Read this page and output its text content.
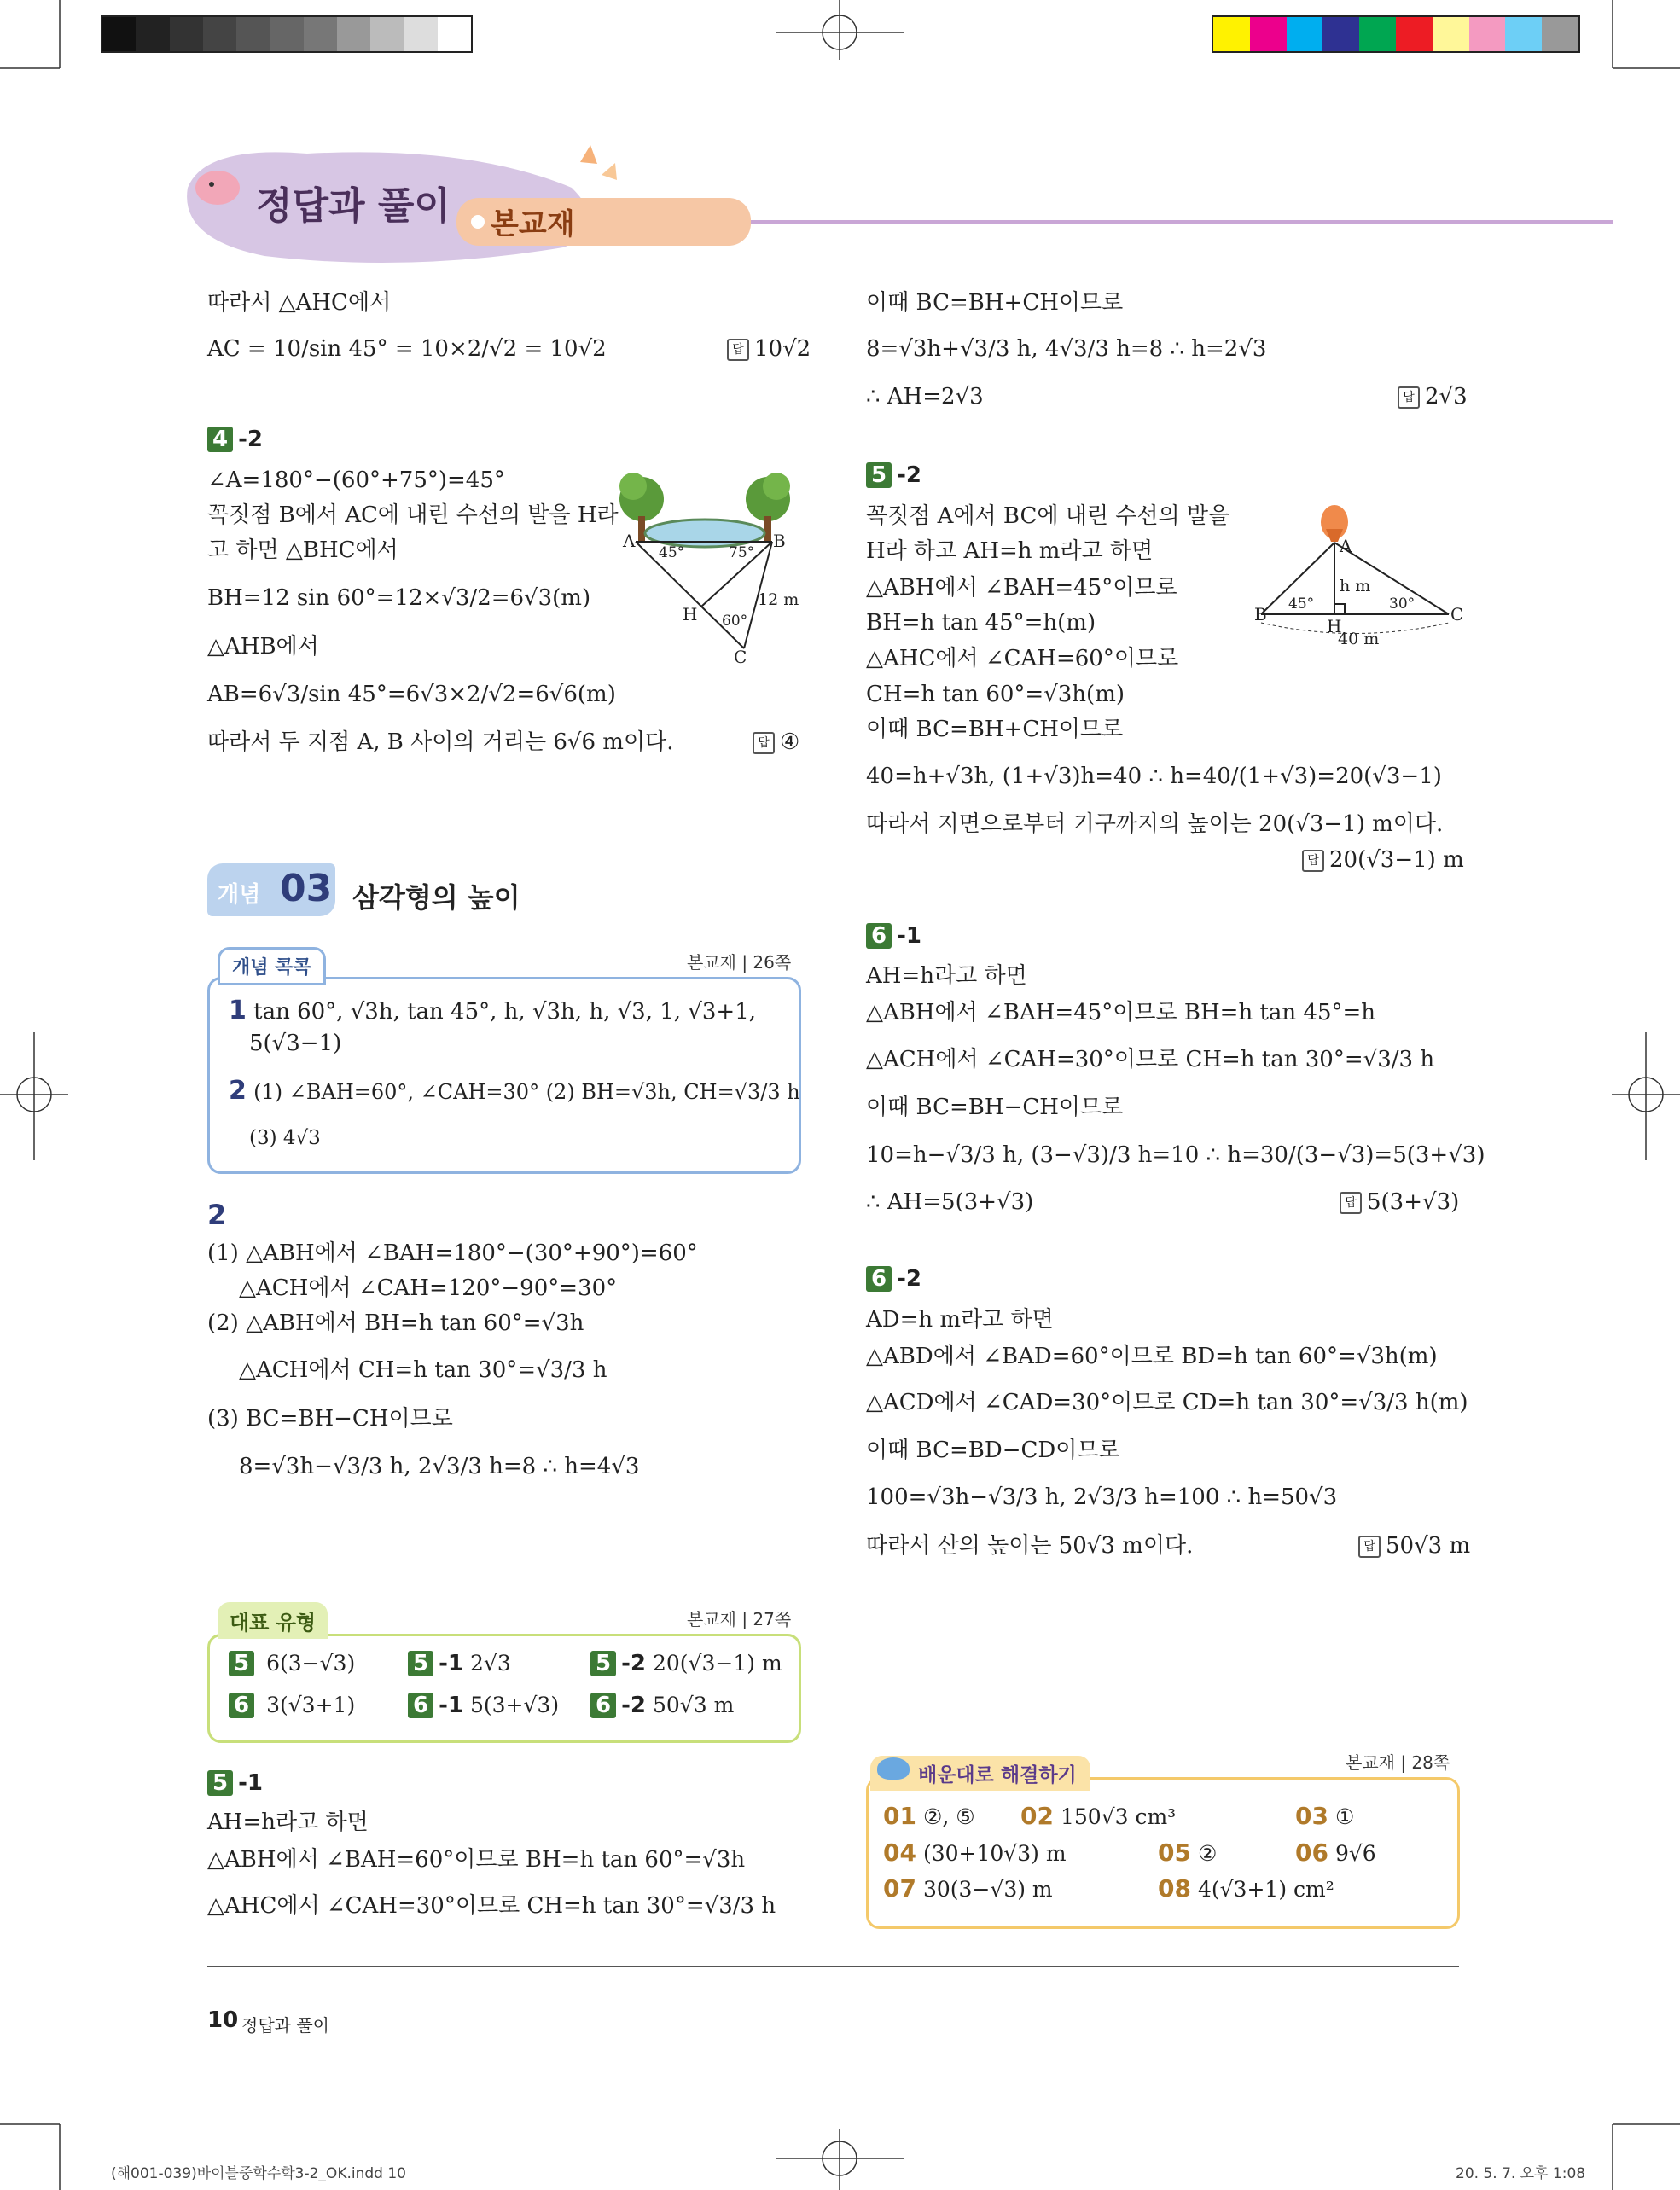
정답과 풀이 본교재
따라서 △AHC에서
AC = 10/sin 45° = 10×2/√2 = 10√2	답 10√2
4 -2
∠A=180°−(60°+75°)=45°
꼭짓점 B에서 AC에 내린 수선의 발을 H라
고 하면 △BHC에서
BH=12 sin 60°=12×√3/2=6√3(m)
△AHB에서
AB=6√3/sin 45°=6√3×2/√2=6√6(m)
따라서 두 지점 A, B 사이의 거리는 6√6 m이다.	답 ④
A	B
H
C
45°	75°
60°
12 m
개념 03 삼각형의 높이
개념 콕콕	본교재 | 26쪽
1 tan 60°, √3h, tan 45°, h, √3h, h, √3, 1, √3+1,
5(√3−1)
2 (1) ∠BAH=60°, ∠CAH=30° (2) BH=√3h, CH=√3/3 h
(3) 4√3
2
(1) △ABH에서 ∠BAH=180°−(30°+90°)=60°
△ACH에서 ∠CAH=120°−90°=30°
(2) △ABH에서 BH=h tan 60°=√3h
△ACH에서 CH=h tan 30°=√3/3 h
(3) BC=BH−CH이므로
8=√3h−√3/3 h, 2√3/3 h=8 ∴ h=4√3
대표 유형	본교재 | 27쪽
5 6(3−√3)	5 -1 2√3	5 -2 20(√3−1) m
6 3(√3+1)	6 -1 5(3+√3) 6 -2 50√3 m
5 -1
AH=h라고 하면
△ABH에서 ∠BAH=60°이므로 BH=h tan 60°=√3h
△AHC에서 ∠CAH=30°이므로 CH=h tan 30°=√3/3 h
이때 BC=BH+CH이므로
8=√3h+√3/3 h, 4√3/3 h=8 ∴ h=2√3
∴ AH=2√3	답 2√3
5 -2
꼭짓점 A에서 BC에 내린 수선의 발을
H라 하고 AH=h m라고 하면
△ABH에서 ∠BAH=45°이므로
BH=h tan 45°=h(m)
△AHC에서 ∠CAH=60°이므로
CH=h tan 60°=√3h(m)
이때 BC=BH+CH이므로
40=h+√3h, (1+√3)h=40 ∴ h=40/(1+√3)=20(√3−1)
따라서 지면으로부터 기구까지의 높이는 20(√3−1) m이다.
답 20(√3−1) m
A
B
H
C
45°	30°
h m
40 m
6 -1
AH=h라고 하면
△ABH에서 ∠BAH=45°이므로 BH=h tan 45°=h
△ACH에서 ∠CAH=30°이므로 CH=h tan 30°=√3/3 h
이때 BC=BH−CH이므로
10=h−√3/3 h, (3−√3)/3 h=10 ∴ h=30/(3−√3)=5(3+√3)
∴ AH=5(3+√3)	답 5(3+√3)
6 -2
AD=h m라고 하면
△ABD에서 ∠BAD=60°이므로 BD=h tan 60°=√3h(m)
△ACD에서 ∠CAD=30°이므로 CD=h tan 30°=√3/3 h(m)
이때 BC=BD−CD이므로
100=√3h−√3/3 h, 2√3/3 h=100 ∴ h=50√3
따라서 산의 높이는 50√3 m이다.	답 50√3 m
배운대로 해결하기
본교재 | 28쪽
01 ②, ⑤ 02 150√3 cm³	03 ①
04 (30+10√3) m	05 ②	06 9√6
07 30(3−√3) m	08 4(√3+1) cm²
10 정답과 풀이
(해001-039)바이블중학수학3-2_OK.indd 10	20. 5. 7. 오후 1:08
